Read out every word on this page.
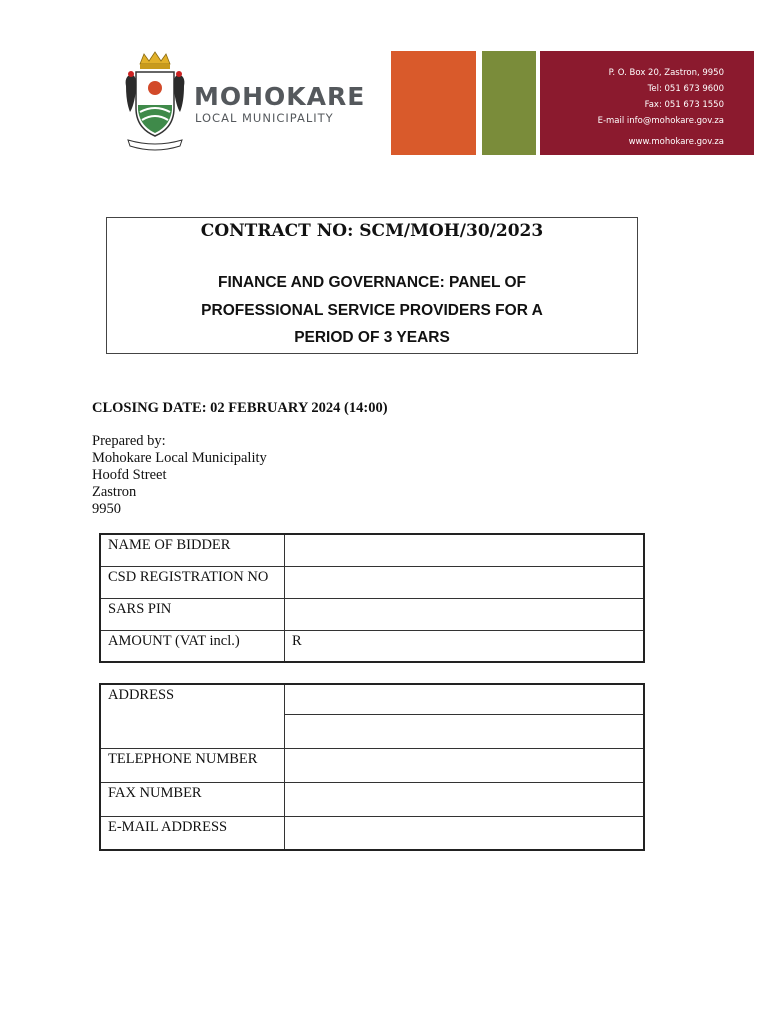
MOHOKARE
LOCAL MUNICIPALITY
P. O. Box 20, Zastron, 9950
Tel: 051 673 9600
Fax: 051 673 1550
E-mail info@mohokare.gov.za
www.mohokare.gov.za
CONTRACT NO: SCM/MOH/30/2023
FINANCE AND GOVERNANCE: PANEL OF
PROFESSIONAL SERVICE PROVIDERS FOR A
PERIOD OF 3 YEARS
CLOSING DATE: 02 FEBRUARY 2024 (14:00)
Prepared by:
Mohokare Local Municipality
Hoofd Street
Zastron
9950
NAME OF BIDDER	
CSD REGISTRATION NO	
SARS PIN	
AMOUNT (VAT incl.)	R
ADDRESS	

TELEPHONE NUMBER	
FAX NUMBER	
E-MAIL ADDRESS	
